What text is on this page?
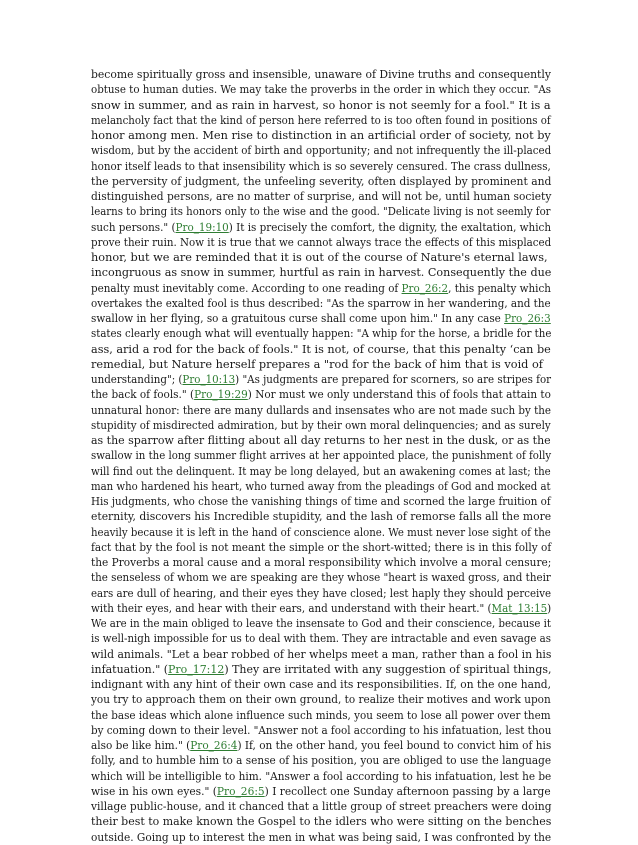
become spiritually gross and insensible, unaware of Divine truths and consequentlyobtuse to human duties. We may take the proverbs in the order in which they occur. "Assnow in summer, and as rain in harvest, so honor is not seemly for a fool." It is amelancholy fact that the kind of person here referred to is too often found in positions of
honor among men. Men rise to distinction in an artificial order of society, not by
wisdom, but by the accident of birth and opportunity; and not infrequently the ill-placedhonor itself leads to that insensibility which is so severely censured. The crass dullness,the perversity of judgment, the unfeeling severity, often displayed by prominent anddistinguished persons, are no matter of surprise, and will not be, until human societylearns to bring its honors only to the wise and the good. "Delicate living is not seemly forsuch persons." (Pro_19:10) It is precisely the comfort, the dignity, the exaltation, whichprove their ruin. Now it is true that we cannot always trace the effects of this misplaced
honor, but we are reminded that it is out of the course of Nature's eternal laws,
incongruous as snow in summer, hurtful as rain in harvest. Consequently the duepenalty must inevitably come. According to one reading of Pro_26:2, this penalty whichovertakes the exalted fool is thus described: "As the sparrow in her wandering, and theswallow in her flying, so a gratuitous curse shall come upon him." In any case Pro_26:3states clearly enough what will eventually happen: "A whip for the horse, a bridle for theass, arid a rod for the back of fools." It is not, of course, that this penalty ‘can be
remedial, but Nature herself prepares a "rod for the back of him that is void of
understanding"; (Pro_10:13) "As judgments are prepared for scorners, so are stripes forthe back of fools." (Pro_19:29) Nor must we only understand this of fools that attain tounnatural honor: there are many dullards and insensates who are not made such by thestupidity of misdirected admiration, but by their own moral delinquencies; and as surelyas the sparrow after flitting about all day returns to her nest in the dusk, or as theswallow in the long summer flight arrives at her appointed place, the punishment of follywill find out the delinquent. It may be long delayed, but an awakening comes at last; theman who hardened his heart, who turned away from the pleadings of God and mocked atHis judgments, who chose the vanishing things of time and scorned the large fruition ofeternity, discovers his Incredible stupidity, and the lash of remorse falls all the moreheavily because it is left in the hand of conscience alone. We must never lose sight of thefact that by the fool is not meant the simple or the short-witted; there is in this folly ofthe Proverbs a moral cause and a moral responsibility which involve a moral censure;the senseless of whom we are speaking are they whose "heart is waxed gross, and theirears are dull of hearing, and their eyes they have closed; lest haply they should perceivewith their eyes, and hear with their ears, and understand with their heart." (Mat_13:15)We are in the main obliged to leave the insensate to God and their conscience, because itis well-nigh impossible for us to deal with them. They are intractable and even savage aswild animals. "Let a bear robbed of her whelps meet a man, rather than a fool in hisinfatuation." (Pro_17:12) They are irritated with any suggestion of spiritual things,indignant with any hint of their own case and its responsibilities. If, on the one hand,you try to approach them on their own ground, to realize their motives and work uponthe base ideas which alone influence such minds, you seem to lose all power over themby coming down to their level. "Answer not a fool according to his infatuation, lest thoualso be like him." (Pro_26:4) If, on the other hand, you feel bound to convict him of hisfolly, and to humble him to a sense of his position, you are obliged to use the languagewhich will be intelligible to him. "Answer a fool according to his infatuation, lest he bewise in his own eyes." (Pro_26:5) I recollect one Sunday afternoon passing by a largevillage public-house, and it chanced that a little group of street preachers were doingtheir best to make known the Gospel to the idlers who were sitting on the benchesoutside. Going up to interest the men in what was being said, I was confronted by the
